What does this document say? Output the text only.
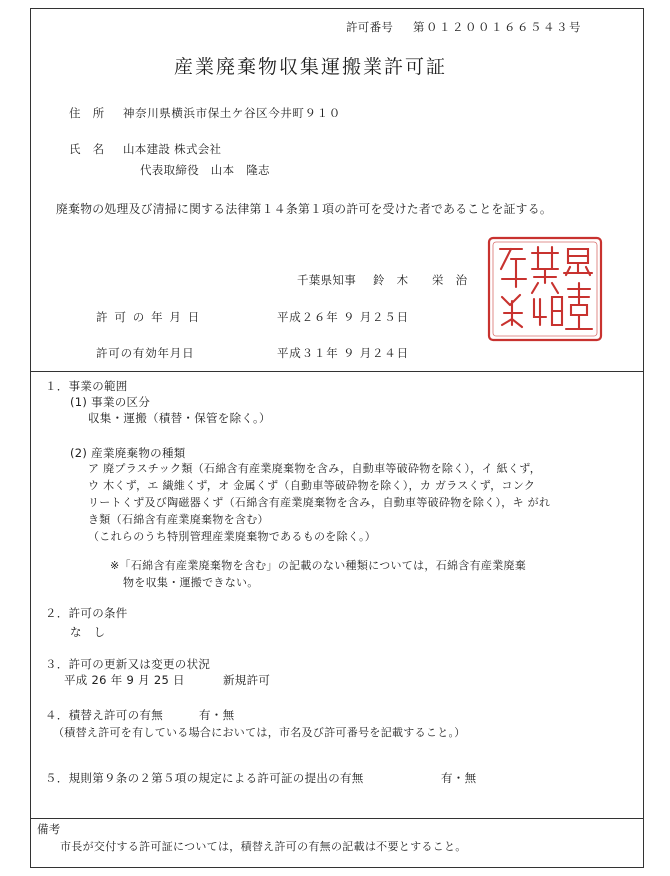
許可番号 第０１２００１６６５４３号
産業廃棄物収集運搬業許可証
住　所 神奈川県横浜市保土ケ谷区今井町９１０
氏　名 山本建設 株式会社
代表取締役　山本　隆志
廃棄物の処理及び清掃に関する法律第１４条第１項の許可を受けた者であることを証する。
千葉県知事 鈴　木　　栄　治
許 可 の 年 月 日	平成２６年 ９ 月２５日
許可の有効年月日	平成３１年 ９ 月２４日
１．事業の範囲
(1) 事業の区分
収集・運搬（積替・保管を除く。）
(2) 産業廃棄物の種類
ア 廃プラスチック類（石綿含有産業廃棄物を含み，自動車等破砕物を除く），イ 紙くず，
ウ 木くず，エ 繊維くず，オ 金属くず（自動車等破砕物を除く），カ ガラスくず，コンク
リートくず及び陶磁器くず（石綿含有産業廃棄物を含み，自動車等破砕物を除く），キ がれ
き類（石綿含有産業廃棄物を含む）
（これらのうち特別管理産業廃棄物であるものを除く。）
※「石綿含有産業廃棄物を含む」の記載のない種類については，石綿含有産業廃棄
物を収集・運搬できない。
２．許可の条件
な　し
３．許可の更新又は変更の状況
平成 26 年 9 月 25 日	新規許可
４．積替え許可の有無	有・無
（積替え許可を有している場合においては，市名及び許可番号を記載すること。）
５．規則第９条の２第５項の規定による許可証の提出の有無	有・無
備考
市長が交付する許可証については，積替え許可の有無の記載は不要とすること。
